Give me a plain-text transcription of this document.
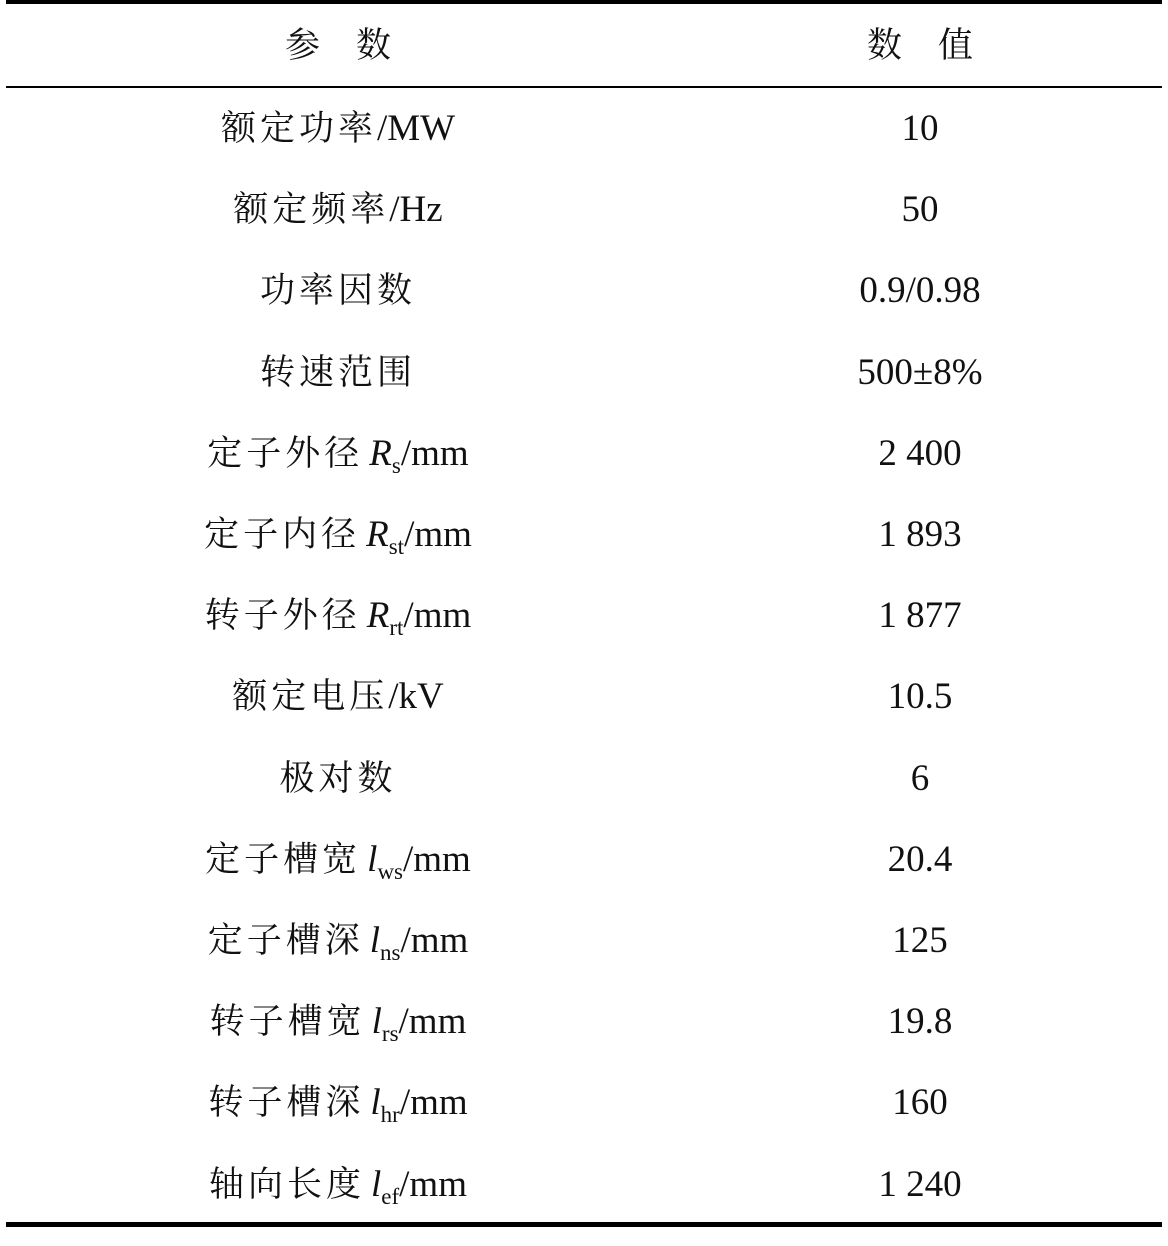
参 数	数 值
额定功率/MW	10
额定频率/Hz	50
功率因数	0.9/0.98
转速范围	500±8%
定子外径 $R_s/mm$	2 400
定子内径 $R_{st}/mm$	1 893
转子外径 $R_{rt}/mm$	1 877
额定电压/kV	10.5
极对数	6
定子槽宽 $l_{ws}/mm$	20.4
定子槽深 $l_{ns}/mm$	125
转子槽宽 $l_{rs}/mm$	19.8
转子槽深 $l_{hr}/mm$	160
轴向长度 $l_{ef}/mm$	1 240
